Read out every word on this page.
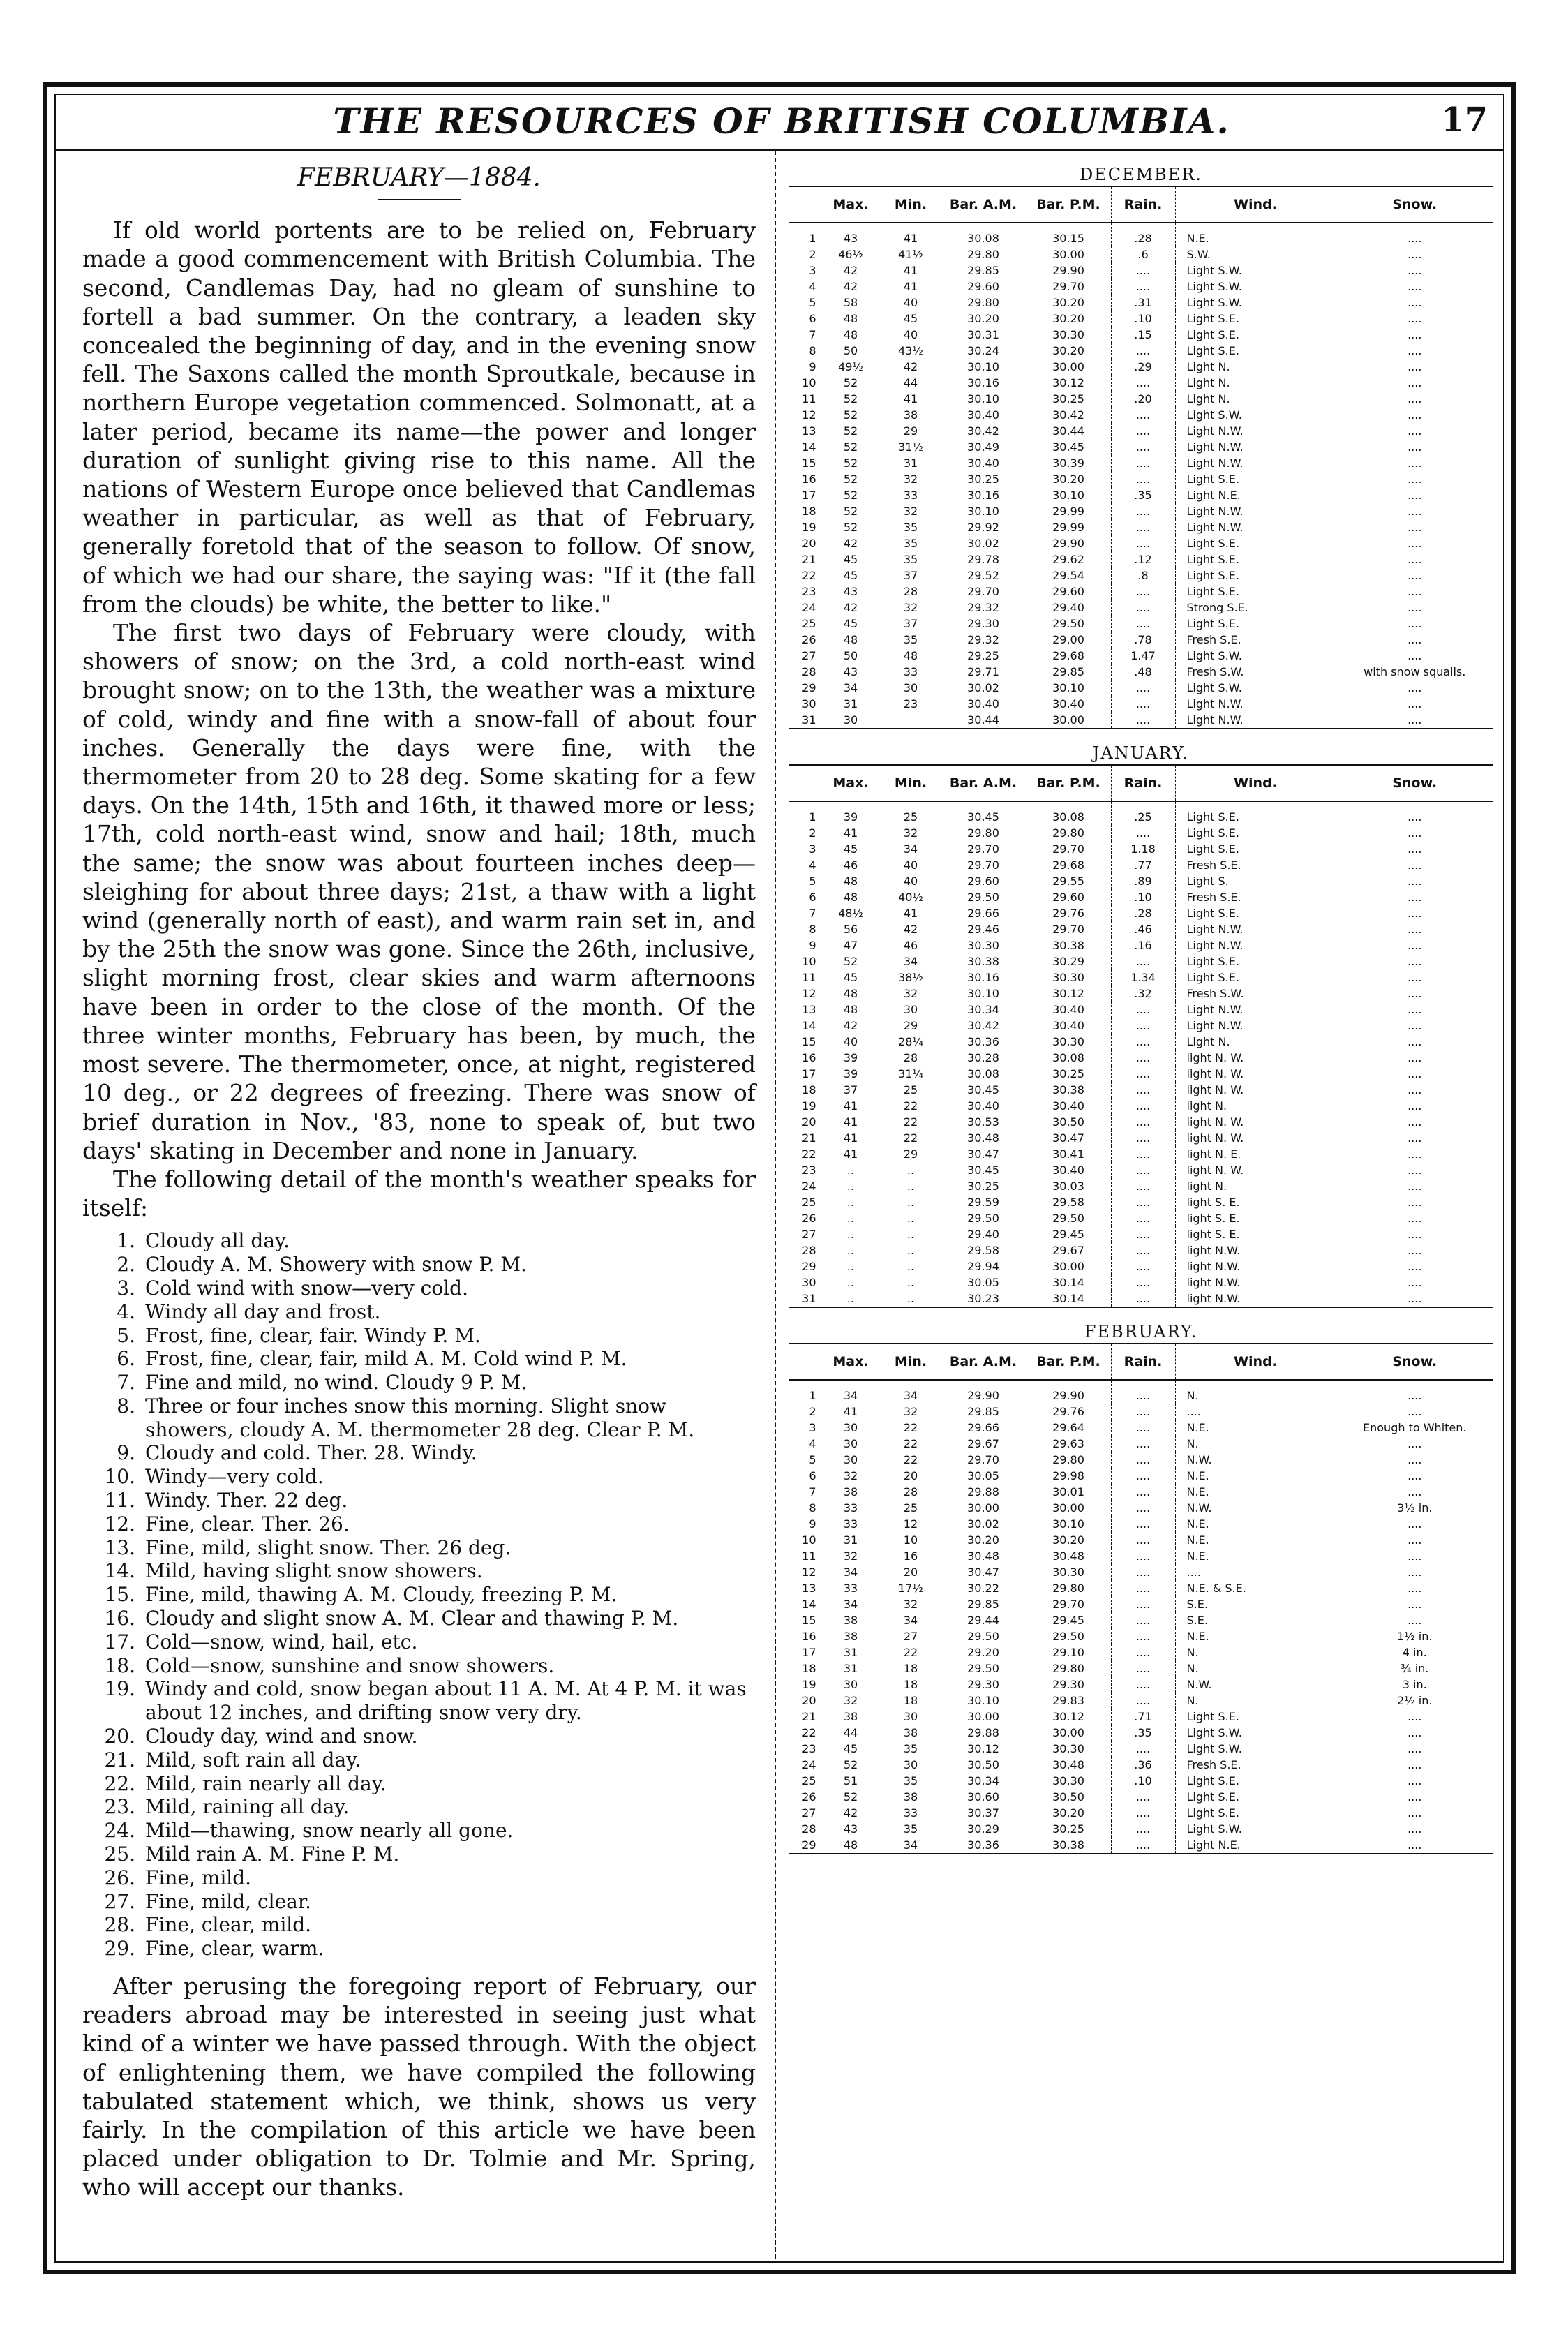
THE RESOURCES OF BRITISH COLUMBIA.	17
FEBRUARY—1884.

If old world portents are to be relied on, February made a good commencement with British Columbia. The second, Candlemas Day, had no gleam of sunshine to fortell a bad summer. On the contrary, a leaden sky concealed the beginning of day, and in the evening snow fell. The Saxons called the month Sproutkale, because in northern Europe vegetation commenced. Solmonatt, at a later period, became its name—the power and longer duration of sunlight giving rise to this name. All the nations of Western Europe once believed that Candlemas weather in particular, as well as that of February, generally foretold that of the season to follow. Of snow, of which we had our share, the saying was: "If it (the fall from the clouds) be white, the better to like."

The first two days of February were cloudy, with showers of snow; on the 3rd, a cold north-east wind brought snow; on to the 13th, the weather was a mixture of cold, windy and fine with a snow-fall of about four inches. Generally the days were fine, with the thermometer from 20 to 28 deg. Some skating for a few days. On the 14th, 15th and 16th, it thawed more or less; 17th, cold north-east wind, snow and hail; 18th, much the same; the snow was about fourteen inches deep—sleighing for about three days; 21st, a thaw with a light wind (generally north of east), and warm rain set in, and by the 25th the snow was gone. Since the 26th, inclusive, slight morning frost, clear skies and warm afternoons have been in order to the close of the month. Of the three winter months, February has been, by much, the most severe. The thermometer, once, at night, registered 10 deg., or 22 degrees of freezing. There was snow of brief duration in Nov., '83, none to speak of, but two days' skating in December and none in January.

The following detail of the month's weather speaks for itself:

1. Cloudy all day.
2. Cloudy A. M. Showery with snow P. M.
3. Cold wind with snow—very cold.
4. Windy all day and frost.
5. Frost, fine, clear, fair. Windy P. M.
6. Frost, fine, clear, fair, mild A. M. Cold wind P. M.
7. Fine and mild, no wind. Cloudy 9 P. M.
8. Three or four inches snow this morning. Slight snow showers, cloudy A. M. thermometer 28 deg. Clear P. M.
9. Cloudy and cold. Ther. 28. Windy.
10. Windy—very cold.
11. Windy. Ther. 22 deg.
12. Fine, clear. Ther. 26.
13. Fine, mild, slight snow. Ther. 26 deg.
14. Mild, having slight snow showers.
15. Fine, mild, thawing A. M. Cloudy, freezing P. M.
16. Cloudy and slight snow A. M. Clear and thawing P. M.
17. Cold—snow, wind, hail, etc.
18. Cold—snow, sunshine and snow showers.
19. Windy and cold, snow began about 11 A. M. At 4 P. M. it was about 12 inches, and drifting snow very dry.
20. Cloudy day, wind and snow.
21. Mild, soft rain all day.
22. Mild, rain nearly all day.
23. Mild, raining all day.
24. Mild—thawing, snow nearly all gone.
25. Mild rain A. M. Fine P. M.
26. Fine, mild.
27. Fine, mild, clear.
28. Fine, clear, mild.
29. Fine, clear, warm.

After perusing the foregoing report of February, our readers abroad may be interested in seeing just what kind of a winter we have passed through. With the object of enlightening them, we have compiled the following tabulated statement which, we think, shows us very fairly. In the compilation of this article we have been placed under obligation to Dr. Tolmie and Mr. Spring, who will accept our thanks.

DECEMBER.
	Max.	Min.	Bar. A.M.	Bar. P.M.	Rain.	Wind.	Snow.
1	43	41	30.08	30.15	.28	N.E.	....
2	46½	41½	29.80	30.00	.6	S.W.	....
3	42	41	29.85	29.90	....	Light S.W.	....
4	42	41	29.60	29.70	....	Light S.W.	....
5	58	40	29.80	30.20	.31	Light S.W.	....
6	48	45	30.20	30.20	.10	Light S.E.	....
7	48	40	30.31	30.30	.15	Light S.E.	....
8	50	43½	30.24	30.20	....	Light S.E.	....
9	49½	42	30.10	30.00	.29	Light N.	....
10	52	44	30.16	30.12	....	Light N.	....
11	52	41	30.10	30.25	.20	Light N.	....
12	52	38	30.40	30.42	....	Light S.W.	....
13	52	29	30.42	30.44	....	Light N.W.	....
14	52	31½	30.49	30.45	....	Light N.W.	....
15	52	31	30.40	30.39	....	Light N.W.	....
16	52	32	30.25	30.20	....	Light S.E.	....
17	52	33	30.16	30.10	.35	Light N.E.	....
18	52	32	30.10	29.99	....	Light N.W.	....
19	52	35	29.92	29.99	....	Light N.W.	....
20	42	35	30.02	29.90	....	Light S.E.	....
21	45	35	29.78	29.62	.12	Light S.E.	....
22	45	37	29.52	29.54	.8	Light S.E.	....
23	43	28	29.70	29.60	....	Light S.E.	....
24	42	32	29.32	29.40	....	Strong S.E.	....
25	45	37	29.30	29.50	....	Light S.E.	....
26	48	35	29.32	29.00	.78	Fresh S.E.	....
27	50	48	29.25	29.68	1.47	Light S.W.	....
28	43	33	29.71	29.85	.48	Fresh S.W.	with snow squalls.
29	34	30	30.02	30.10	....	Light S.W.	....
30	31	23	30.40	30.40	....	Light N.W.	....
31	30		30.44	30.00	....	Light N.W.	....

JANUARY.
	Max.	Min.	Bar. A.M.	Bar. P.M.	Rain.	Wind.	Snow.
1	39	25	30.45	30.08	.25	Light S.E.	....
2	41	32	29.80	29.80	....	Light S.E.	....
3	45	34	29.70	29.70	1.18	Light S.E.	....
4	46	40	29.70	29.68	.77	Fresh S.E.	....
5	48	40	29.60	29.55	.89	Light S.	....
6	48	40½	29.50	29.60	.10	Fresh S.E.	....
7	48½	41	29.66	29.76	.28	Light S.E.	....
8	56	42	29.46	29.70	.46	Light N.W.	....
9	47	46	30.30	30.38	.16	Light N.W.	....
10	52	34	30.38	30.29	....	Light S.E.	....
11	45	38½	30.16	30.30	1.34	Light S.E.	....
12	48	32	30.10	30.12	.32	Fresh S.W.	....
13	48	30	30.34	30.40	....	Light N.W.	....
14	42	29	30.42	30.40	....	Light N.W.	....
15	40	28¼	30.36	30.30	....	Light N.	....
16	39	28	30.28	30.08	....	light N. W.	....
17	39	31¼	30.08	30.25	....	light N. W.	....
18	37	25	30.45	30.38	....	light N. W.	....
19	41	22	30.40	30.40	....	light N.	....
20	41	22	30.53	30.50	....	light N. W.	....
21	41	22	30.48	30.47	....	light N. W.	....
22	41	29	30.47	30.41	....	light N. E.	....
23	..	..	30.45	30.40	....	light N. W.	....
24	..	..	30.25	30.03	....	light N.	....
25	..	..	29.59	29.58	....	light S. E.	....
26	..	..	29.50	29.50	....	light S. E.	....
27	..	..	29.40	29.45	....	light S. E.	....
28	..	..	29.58	29.67	....	light N.W.	....
29	..	..	29.94	30.00	....	light N.W.	....
30	..	..	30.05	30.14	....	light N.W.	....
31	..	..	30.23	30.14	....	light N.W.	....

FEBRUARY.
	Max.	Min.	Bar. A.M.	Bar. P.M.	Rain.	Wind.	Snow.
1	34	34	29.90	29.90	....	N.	....
2	41	32	29.85	29.76	....	....	....
3	30	22	29.66	29.64	....	N.E.	Enough to Whiten.
4	30	22	29.67	29.63	....	N.	....
5	30	22	29.70	29.80	....	N.W.	....
6	32	20	30.05	29.98	....	N.E.	....
7	38	28	29.88	30.01	....	N.E.	....
8	33	25	30.00	30.00	....	N.W.	3½ in.
9	33	12	30.02	30.10	....	N.E.	....
10	31	10	30.20	30.20	....	N.E.	....
11	32	16	30.48	30.48	....	N.E.	....
12	34	20	30.47	30.30	....	....	....
13	33	17½	30.22	29.80	....	N.E. & S.E.	....
14	34	32	29.85	29.70	....	S.E.	....
15	38	34	29.44	29.45	....	S.E.	....
16	38	27	29.50	29.50	....	N.E.	1½ in.
17	31	22	29.20	29.10	....	N.	4 in.
18	31	18	29.50	29.80	....	N.	¾ in.
19	30	18	29.30	29.30	....	N.W.	3 in.
20	32	18	30.10	29.83	....	N.	2½ in.
21	38	30	30.00	30.12	.71	Light S.E.	....
22	44	38	29.88	30.00	.35	Light S.W.	....
23	45	35	30.12	30.30	....	Light S.W.	....
24	52	30	30.50	30.48	.36	Fresh S.E.	....
25	51	35	30.34	30.30	.10	Light S.E.	....
26	52	38	30.60	30.50	....	Light S.E.	....
27	42	33	30.37	30.20	....	Light S.E.	....
28	43	35	30.29	30.25	....	Light S.W.	....
29	48	34	30.36	30.38	....	Light N.E.	....
